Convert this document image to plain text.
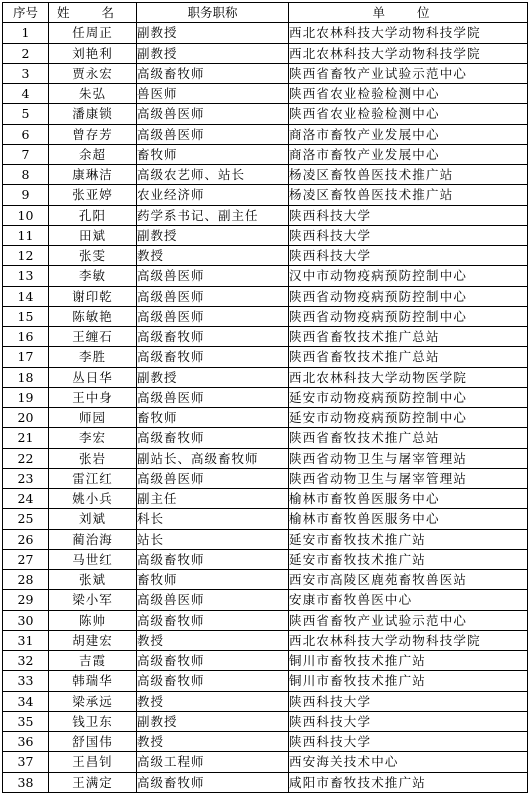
序号	姓 名	职务职称	单 位
1	任周正	副教授	西北农林科技大学动物科技学院
2	刘艳利	副教授	西北农林科技大学动物科技学院
3	贾永宏	高级畜牧师	陕西省畜牧产业试验示范中心
4	朱弘	兽医师	陕西省农业检验检测中心
5	潘康锁	高级兽医师	陕西省农业检验检测中心
6	曾存芳	高级兽医师	商洛市畜牧产业发展中心
7	余超	畜牧师	商洛市畜牧产业发展中心
8	康琳洁	高级农艺师、站长	杨凌区畜牧兽医技术推广站
9	张亚婷	农业经济师	杨凌区畜牧兽医技术推广站
10	孔阳	药学系书记、副主任	陕西科技大学
11	田斌	副教授	陕西科技大学
12	张雯	教授	陕西科技大学
13	李敏	高级兽医师	汉中市动物疫病预防控制中心
14	谢印乾	高级兽医师	陕西省动物疫病预防控制中心
15	陈敏艳	高级兽医师	陕西省动物疫病预防控制中心
16	王缠石	高级畜牧师	陕西省畜牧技术推广总站
17	李胜	高级畜牧师	陕西省畜牧技术推广总站
18	丛日华	副教授	西北农林科技大学动物医学院
19	王中身	高级兽医师	延安市动物疫病预防控制中心
20	师园	畜牧师	延安市动物疫病预防控制中心
21	李宏	高级畜牧师	陕西省畜牧技术推广总站
22	张岩	副站长、高级畜牧师	陕西省动物卫生与屠宰管理站
23	雷江红	高级兽医师	陕西省动物卫生与屠宰管理站
24	姚小兵	副主任	榆林市畜牧兽医服务中心
25	刘斌	科长	榆林市畜牧兽医服务中心
26	蔺治海	站长	延安市畜牧技术推广站
27	马世红	高级畜牧师	延安市畜牧技术推广站
28	张斌	畜牧师	西安市高陵区鹿苑畜牧兽医站
29	梁小军	高级兽医师	安康市畜牧兽医中心
30	陈帅	高级畜牧师	陕西省畜牧产业试验示范中心
31	胡建宏	教授	西北农林科技大学动物科技学院
32	吉霞	高级畜牧师	铜川市畜牧技术推广站
33	韩瑞华	高级畜牧师	铜川市畜牧技术推广站
34	梁承远	教授	陕西科技大学
35	钱卫东	副教授	陕西科技大学
36	舒国伟	教授	陕西科技大学
37	王昌钊	高级工程师	西安海关技术中心
38	王满定	高级畜牧师	咸阳市畜牧技术推广站
